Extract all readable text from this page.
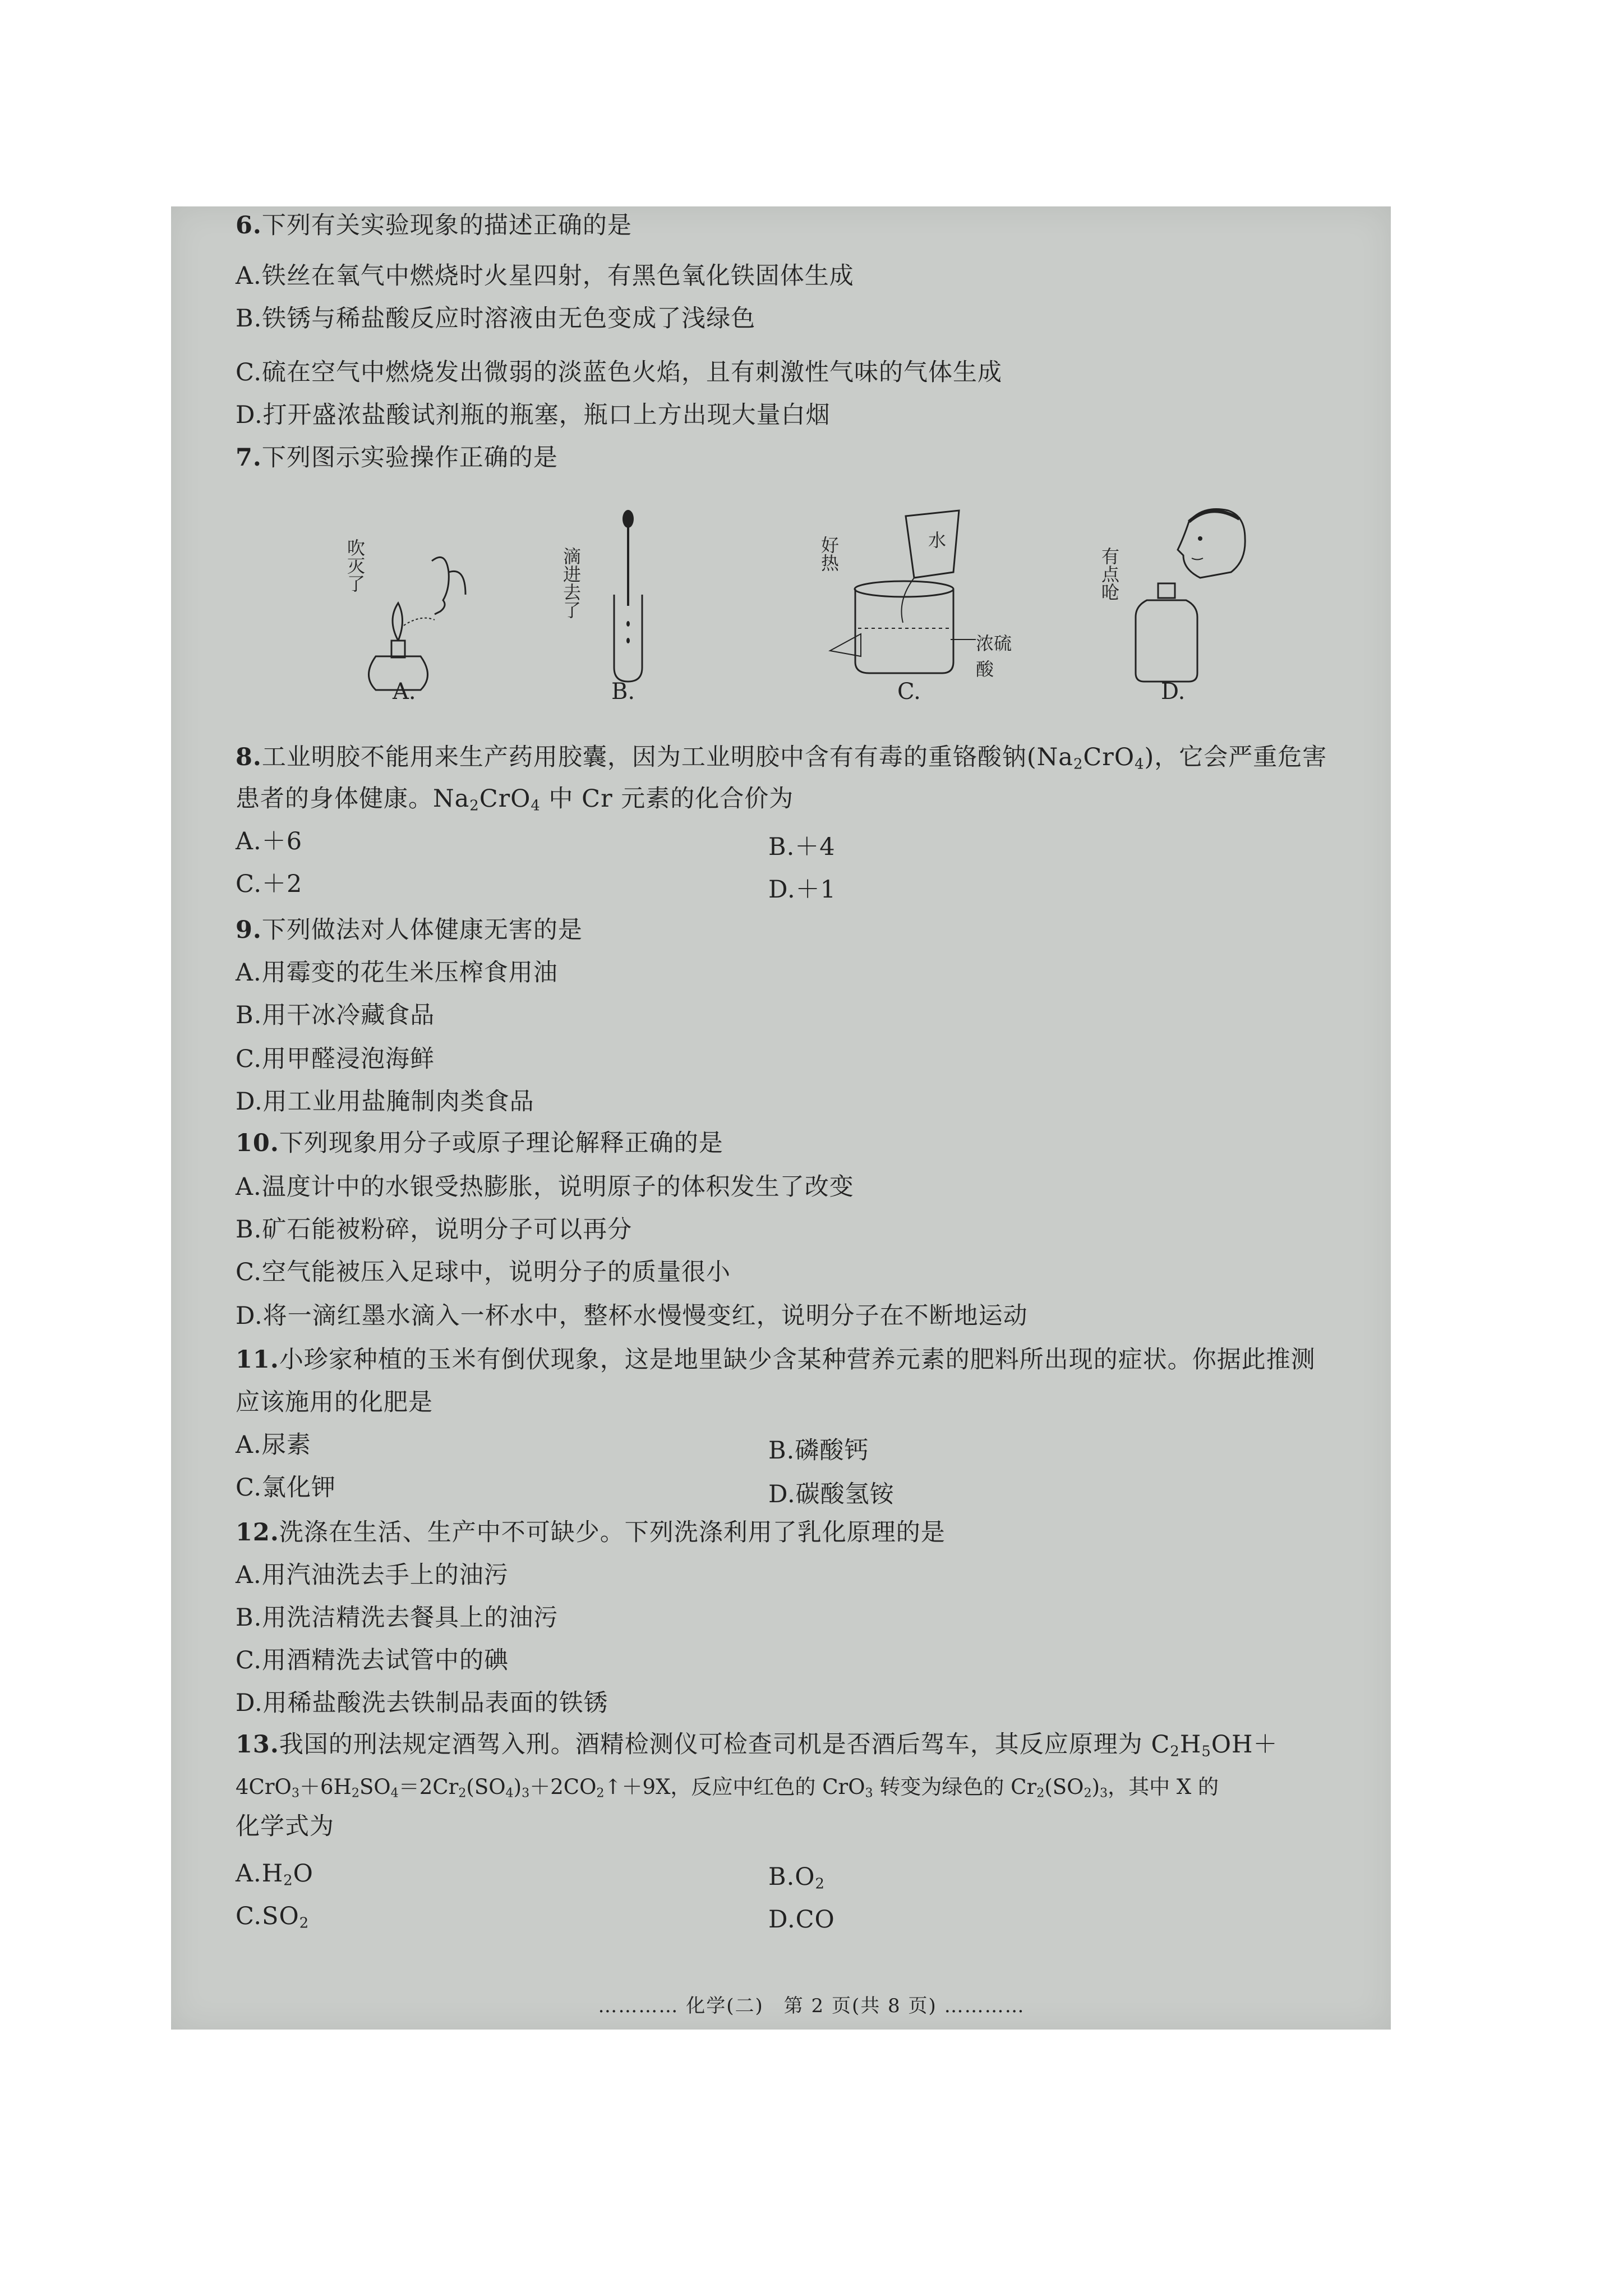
6.下列有关实验现象的描述正确的是
A.铁丝在氧气中燃烧时火星四射，有黑色氧化铁固体生成
B.铁锈与稀盐酸反应时溶液由无色变成了浅绿色
C.硫在空气中燃烧发出微弱的淡蓝色火焰，且有刺激性气味的气体生成
D.打开盛浓盐酸试剂瓶的瓶塞，瓶口上方出现大量白烟
7.下列图示实验操作正确的是
吹灭了
A.
滴进去了
B.
好热	水
浓硫酸
C.
有点呛
D.
8.工业明胶不能用来生产药用胶囊，因为工业明胶中含有有毒的重铬酸钠$(Na_2CrO_4)$，它会严重危害
患者的身体健康。$Na_2CrO_4$ 中 Cr 元素的化合价为
A.＋6	B.＋4
C.＋2	D.＋1
9.下列做法对人体健康无害的是
A.用霉变的花生米压榨食用油
B.用干冰冷藏食品
C.用甲醛浸泡海鲜
D.用工业用盐腌制肉类食品
10.下列现象用分子或原子理论解释正确的是
A.温度计中的水银受热膨胀，说明原子的体积发生了改变
B.矿石能被粉碎，说明分子可以再分
C.空气能被压入足球中，说明分子的质量很小
D.将一滴红墨水滴入一杯水中，整杯水慢慢变红，说明分子在不断地运动
11.小珍家种植的玉米有倒伏现象，这是地里缺少含某种营养元素的肥料所出现的症状。你据此推测
应该施用的化肥是
A.尿素	B.磷酸钙
C.氯化钾	D.碳酸氢铵
12.洗涤在生活、生产中不可缺少。下列洗涤利用了乳化原理的是
A.用汽油洗去手上的油污
B.用洗洁精洗去餐具上的油污
C.用酒精洗去试管中的碘
D.用稀盐酸洗去铁制品表面的铁锈
13.我国的刑法规定酒驾入刑。酒精检测仪可检查司机是否酒后驾车，其反应原理为 $C_2H_5OH+$
$4CrO_3+6H_2SO_4=2Cr_2(SO_4)_3+2CO_2↑+9X$，反应中红色的 CrO$_3$ 转变为绿色的 $Cr_2(SO_2)_3$，其中 X 的
化学式为
$A.H_2O$	$B.O_2$
$C.SO_2$	D.CO
………… 化学(二)　第 2 页(共 8 页) …………
